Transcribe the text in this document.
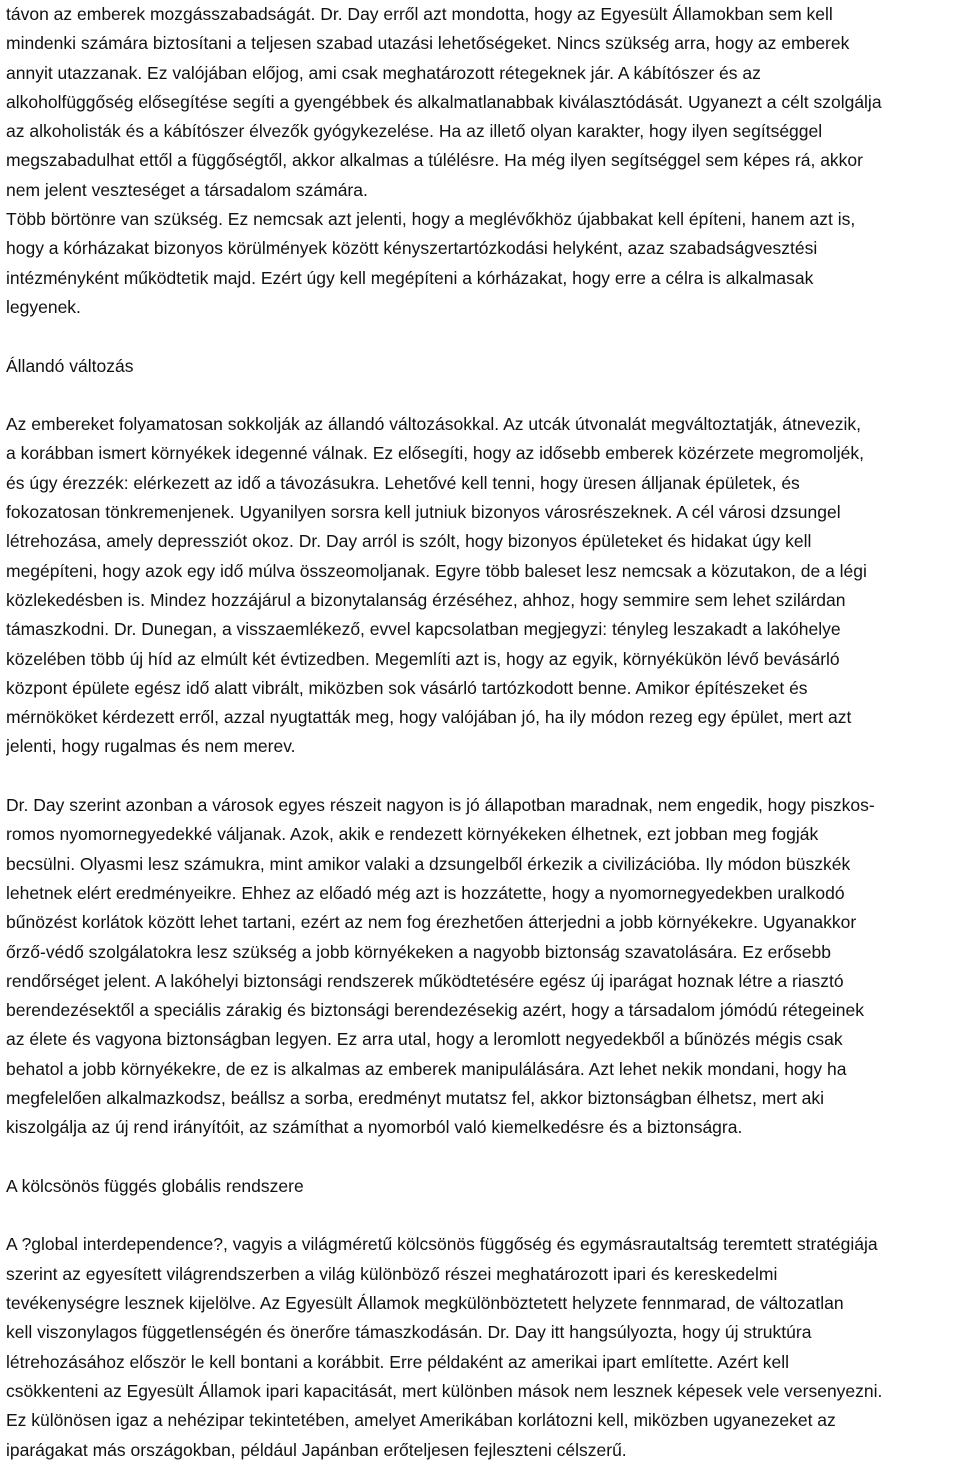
távon az emberek mozgásszabadságát. Dr. Day erről azt mondotta, hogy az Egyesült Államokban sem kell
mindenki számára biztosítani a teljesen szabad utazási lehetőségeket. Nincs szükség arra, hogy az emberek
annyit utazzanak. Ez valójában előjog, ami csak meghatározott rétegeknek jár. A kábítószer és az
alkoholfüggőség elősegítése segíti a gyengébbek és alkalmatlanabbak kiválasztódását. Ugyanezt a célt szolgálja
az alkoholisták és a kábítószer élvezők gyógykezelése. Ha az illető olyan karakter, hogy ilyen segítséggel
megszabadulhat ettől a függőségtől, akkor alkalmas a túlélésre. Ha még ilyen segítséggel sem képes rá, akkor
nem jelent veszteséget a társadalom számára.
Több börtönre van szükség. Ez nemcsak azt jelenti, hogy a meglévőkhöz újabbakat kell építeni, hanem azt is,
hogy a kórházakat bizonyos körülmények között kényszertartózkodási helyként, azaz szabadságvesztési
intézményként működtetik majd. Ezért úgy kell megépíteni a kórházakat, hogy erre a célra is alkalmasak
legyenek.
Állandó változás
Az embereket folyamatosan sokkolják az állandó változásokkal. Az utcák útvonalát megváltoztatják, átnevezik,
a korábban ismert környékek idegenné válnak. Ez elősegíti, hogy az idősebb emberek közérzete megromoljék,
és úgy érezzék: elérkezett az idő a távozásukra. Lehetővé kell tenni, hogy üresen álljanak épületek, és
fokozatosan tönkremenjenek. Ugyanilyen sorsra kell jutniuk bizonyos városrészeknek. A cél városi dzsungel
létrehozása, amely depressziót okoz. Dr. Day arról is szólt, hogy bizonyos épületeket és hidakat úgy kell
megépíteni, hogy azok egy idő múlva összeomoljanak. Egyre több baleset lesz nemcsak a közutakon, de a légi
közlekedésben is. Mindez hozzájárul a bizonytalanság érzéséhez, ahhoz, hogy semmire sem lehet szilárdan
támaszkodni. Dr. Dunegan, a visszaemlékező, evvel kapcsolatban megjegyzi: tényleg leszakadt a lakóhelye
közelében több új híd az elmúlt két évtizedben. Megemlíti azt is, hogy az egyik, környékükön lévő bevásárló
központ épülete egész idő alatt vibrált, miközben sok vásárló tartózkodott benne. Amikor építészeket és
mérnököket kérdezett erről, azzal nyugtatták meg, hogy valójában jó, ha ily módon rezeg egy épület, mert azt
jelenti, hogy rugalmas és nem merev.
Dr. Day szerint azonban a városok egyes részeit nagyon is jó állapotban maradnak, nem engedik, hogy piszkos-
romos nyomornegyedekké váljanak. Azok, akik e rendezett környékeken élhetnek, ezt jobban meg fogják
becsülni. Olyasmi lesz számukra, mint amikor valaki a dzsungelből érkezik a civilizációba. Ily módon büszkék
lehetnek elért eredményeikre. Ehhez az előadó még azt is hozzátette, hogy a nyomornegyedekben uralkodó
bűnözést korlátok között lehet tartani, ezért az nem fog érezhetően átterjedni a jobb környékekre. Ugyanakkor
őrző-védő szolgálatokra lesz szükség a jobb környékeken a nagyobb biztonság szavatolására. Ez erősebb
rendőrséget jelent. A lakóhelyi biztonsági rendszerek működtetésére egész új iparágat hoznak létre a riasztó
berendezésektől a speciális zárakig és biztonsági berendezésekig azért, hogy a társadalom jómódú rétegeinek
az élete és vagyona biztonságban legyen. Ez arra utal, hogy a leromlott negyedekből a bűnözés mégis csak
behatol a jobb környékekre, de ez is alkalmas az emberek manipulálására. Azt lehet nekik mondani, hogy ha
megfelelően alkalmazkodsz, beállsz a sorba, eredményt mutatsz fel, akkor biztonságban élhetsz, mert aki
kiszolgálja az új rend irányítóit, az számíthat a nyomorból való kiemelkedésre és a biztonságra.
A kölcsönös függés globális rendszere
A ?global interdependence?, vagyis a világméretű kölcsönös függőség és egymásrautaltság teremtett stratégiája
szerint az egyesített világrendszerben a világ különböző részei meghatározott ipari és kereskedelmi
tevékenységre lesznek kijelölve. Az Egyesült Államok megkülönböztetett helyzete fennmarad, de változatlan
kell viszonylagos függetlenségén és önerőre támaszkodásán. Dr. Day itt hangsúlyozta, hogy új struktúra
létrehozásához először le kell bontani a korábbit. Erre példaként az amerikai ipart említette. Azért kell
csökkenteni az Egyesült Államok ipari kapacitását, mert különben mások nem lesznek képesek vele versenyezni.
Ez különösen igaz a nehézipar tekintetében, amelyet Amerikában korlátozni kell, miközben ugyanezeket az
iparágakat más országokban, például Japánban erőteljesen fejleszteni célszerű.
